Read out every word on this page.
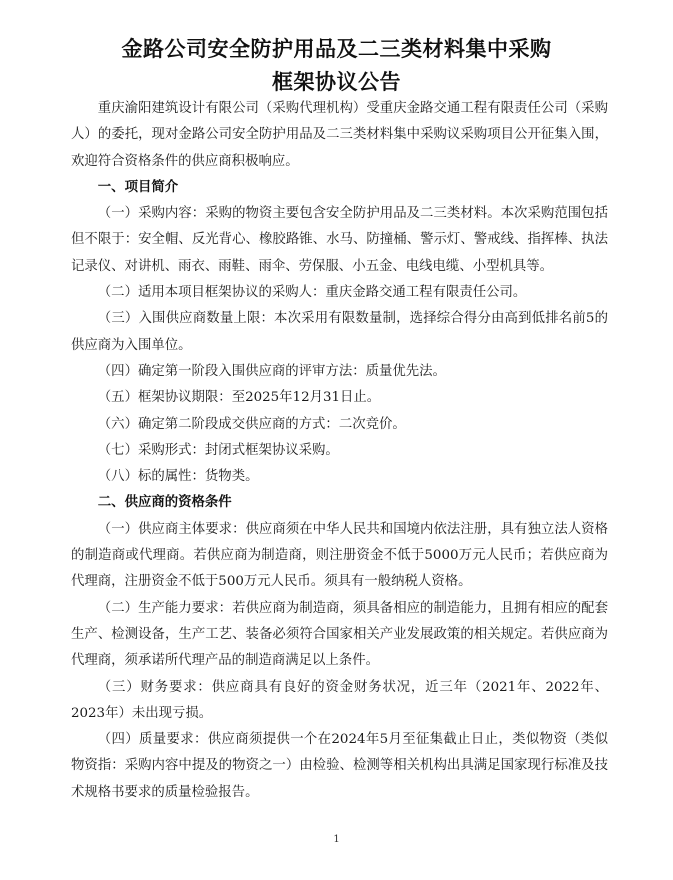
金路公司安全防护用品及二三类材料集中采购
框架协议公告

重庆渝阳建筑设计有限公司（采购代理机构）受重庆金路交通工程有限责任公司（采购人）的委托，现对金路公司安全防护用品及二三类材料集中采购议采购项目公开征集入围，欢迎符合资格条件的供应商积极响应。

一、项目简介

（一）采购内容：采购的物资主要包含安全防护用品及二三类材料。本次采购范围包括但不限于：安全帽、反光背心、橡胶路锥、水马、防撞桶、警示灯、警戒线、指挥棒、执法记录仪、对讲机、雨衣、雨鞋、雨伞、劳保服、小五金、电线电缆、小型机具等。

（二）适用本项目框架协议的采购人：重庆金路交通工程有限责任公司。

（三）入围供应商数量上限：本次采用有限数量制，选择综合得分由高到低排名前5的供应商为入围单位。

（四）确定第一阶段入围供应商的评审方法：质量优先法。

（五）框架协议期限：至2025年12月31日止。

（六）确定第二阶段成交供应商的方式：二次竞价。

（七）采购形式：封闭式框架协议采购。

（八）标的属性：货物类。

二、供应商的资格条件

（一）供应商主体要求：供应商须在中华人民共和国境内依法注册，具有独立法人资格的制造商或代理商。若供应商为制造商，则注册资金不低于5000万元人民币；若供应商为代理商，注册资金不低于500万元人民币。须具有一般纳税人资格。

（二）生产能力要求：若供应商为制造商，须具备相应的制造能力，且拥有相应的配套生产、检测设备，生产工艺、装备必须符合国家相关产业发展政策的相关规定。若供应商为代理商，须承诺所代理产品的制造商满足以上条件。

（三）财务要求：供应商具有良好的资金财务状况，近三年（2021年、2022年、2023年）未出现亏损。

（四）质量要求：供应商须提供一个在2024年5月至征集截止日止，类似物资（类似物资指：采购内容中提及的物资之一）由检验、检测等相关机构出具满足国家现行标准及技术规格书要求的质量检验报告。

1
